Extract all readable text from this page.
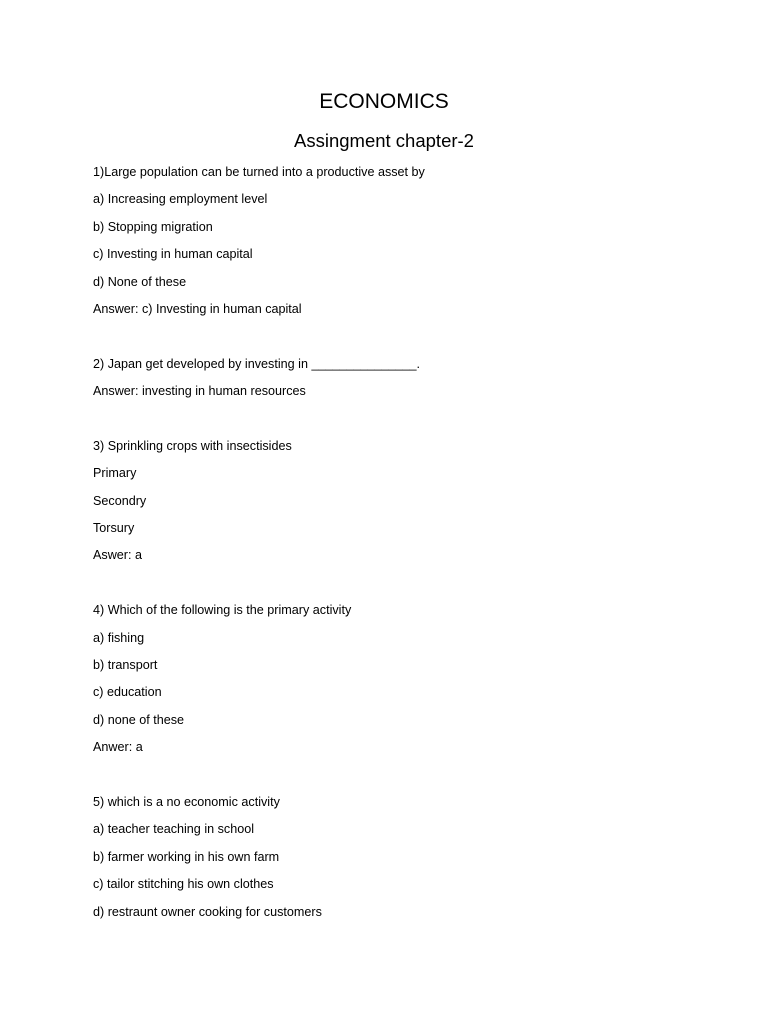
ECONOMICS
Assingment chapter-2
1)Large population can be turned into a productive asset by
a) Increasing employment level
b) Stopping migration
c) Investing in human capital
d) None of these
Answer: c) Investing in human capital
2) Japan get developed by investing in _______________.
Answer: investing in human resources
3) Sprinkling crops with insectisides
Primary
Secondry
Torsury
Aswer: a
4) Which of the following is the primary activity
a) fishing
b) transport
c) education
d) none of these
Anwer: a
5) which is a no economic activity
a) teacher teaching in school
b) farmer working in his own farm
c) tailor stitching his own clothes
d) restraunt owner cooking for customers
